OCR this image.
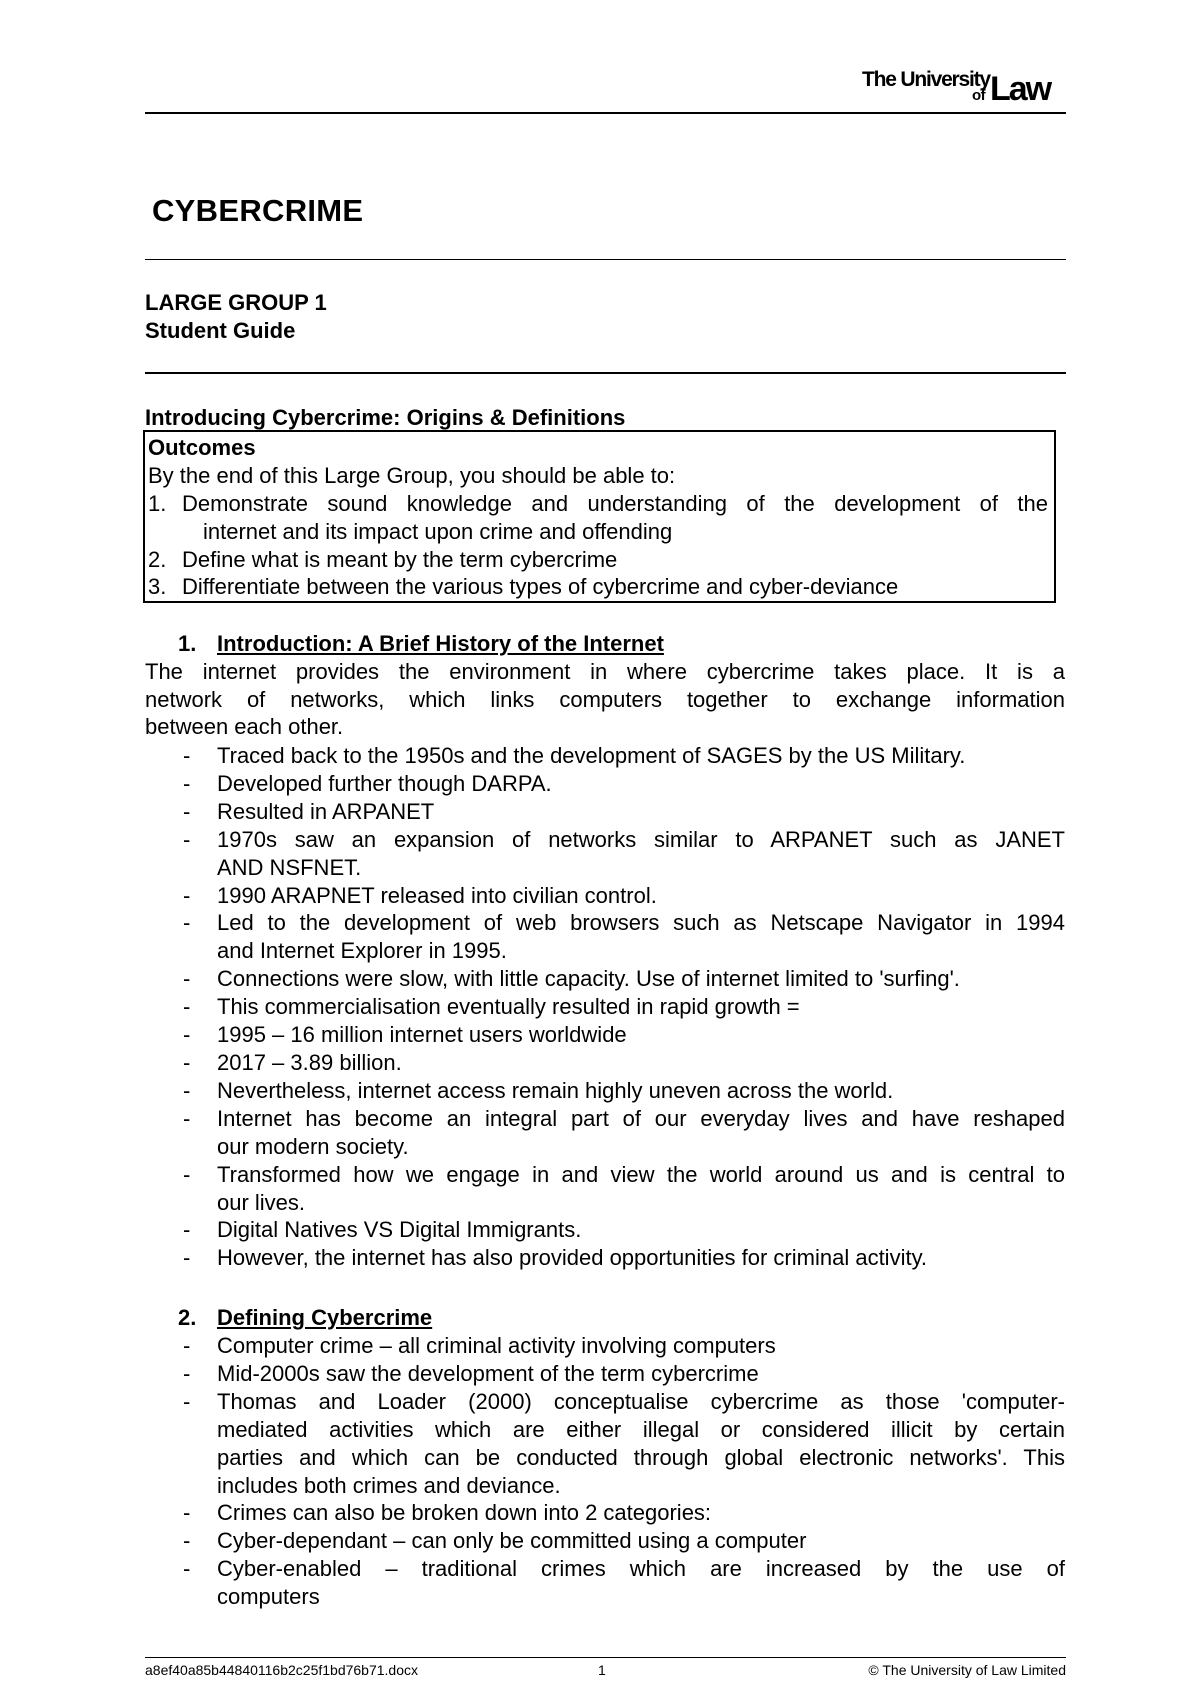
The University
of Law
CYBERCRIME
LARGE GROUP 1
Student Guide
Introducing Cybercrime: Origins & Definitions
Outcomes
By the end of this Large Group, you should be able to:
1. Demonstrate sound knowledge and understanding of the development of the
internet and its impact upon crime and offending
2. Define what is meant by the term cybercrime
3. Differentiate between the various types of cybercrime and cyber-deviance
1. Introduction: A Brief History of the Internet
The internet provides the environment in where cybercrime takes place. It is a
network of networks, which links computers together to exchange information
between each other.
- Traced back to the 1950s and the development of SAGES by the US Military.
- Developed further though DARPA.
- Resulted in ARPANET
- 1970s saw an expansion of networks similar to ARPANET such as JANET
AND NSFNET.
- 1990 ARAPNET released into civilian control.
- Led to the development of web browsers such as Netscape Navigator in 1994
and Internet Explorer in 1995.
- Connections were slow, with little capacity. Use of internet limited to 'surfing'.
- This commercialisation eventually resulted in rapid growth =
- 1995 – 16 million internet users worldwide
- 2017 – 3.89 billion.
- Nevertheless, internet access remain highly uneven across the world.
- Internet has become an integral part of our everyday lives and have reshaped
our modern society.
- Transformed how we engage in and view the world around us and is central to
our lives.
- Digital Natives VS Digital Immigrants.
- However, the internet has also provided opportunities for criminal activity.
2. Defining Cybercrime
- Computer crime – all criminal activity involving computers
- Mid-2000s saw the development of the term cybercrime
- Thomas and Loader (2000) conceptualise cybercrime as those 'computer-
mediated activities which are either illegal or considered illicit by certain
parties and which can be conducted through global electronic networks'. This
includes both crimes and deviance.
- Crimes can also be broken down into 2 categories:
- Cyber-dependant – can only be committed using a computer
- Cyber-enabled – traditional crimes which are increased by the use of
computers
a8ef40a85b44840116b2c25f1bd76b71.docx	1	© The University of Law Limited
